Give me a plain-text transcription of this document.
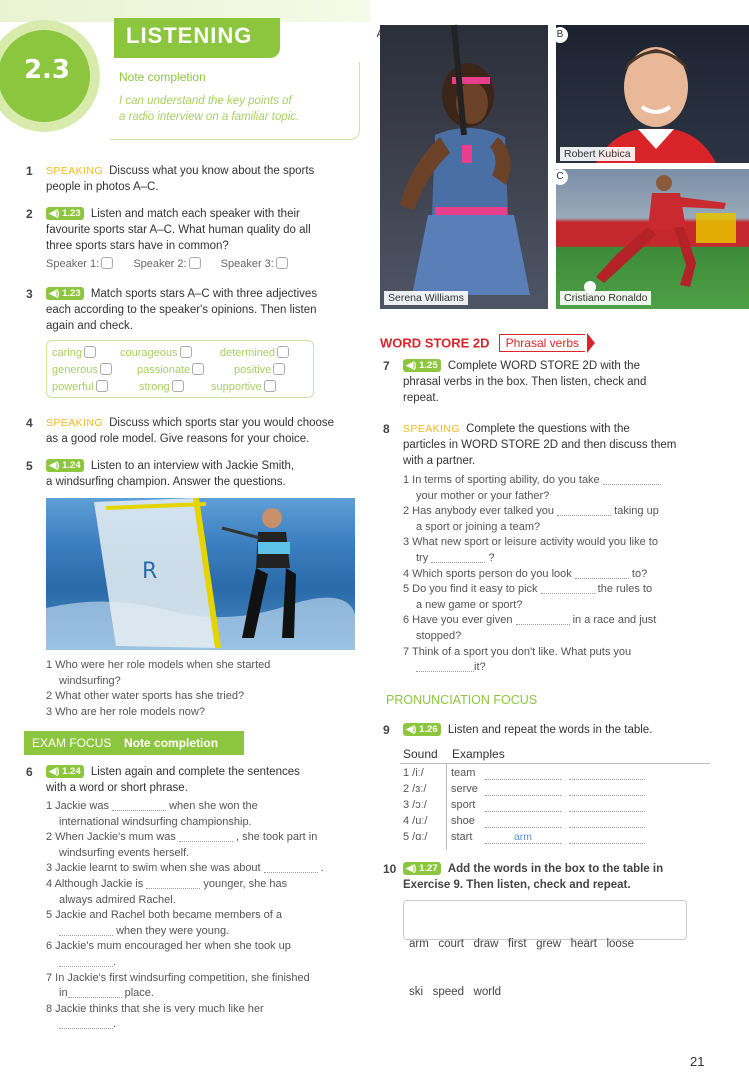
2.3
LISTENING
Note completion
I can understand the key points of
a radio interview on a familiar topic.
A
Serena Williams
B
Robert Kubica
C
Cristiano Ronaldo
1	SPEAKING Discuss what you know about the sports
people in photos A–C.
2	◀) 1.23 Listen and match each speaker with their
favourite sports star A–C. What human quality do all
three sports stars have in common?
Speaker 1:	Speaker 2:	Speaker 3:
3	◀) 1.23 Match sports stars A–C with three adjectives
each according to the speaker's opinions. Then listen
again and check.
caring	courageous	determined
generous	passionate	positive
powerful	strong	supportive
4	SPEAKING Discuss which sports star you would choose
as a good role model. Give reasons for your choice.
5	◀) 1.24 Listen to an interview with Jackie Smith,
a windsurfing champion. Answer the questions.
R
1 Who were her role models when she started
windsurfing?
2 What other water sports has she tried?
3 Who are her role models now?
EXAM FOCUS Note completion
6	◀) 1.24 Listen again and complete the sentences
with a word or short phrase.
1 Jackie was	when she won the
international windsurfing championship.
2 When Jackie's mum was	, she took part in
windsurfing events herself.
3 Jackie learnt to swim when she was about	.
4 Although Jackie is	younger, she has
always admired Rachel.
5 Jackie and Rachel both became members of a
when they were young.
6 Jackie's mum encouraged her when she took up
.
7 In Jackie's first windsurfing competition, she finished
in	place.
8 Jackie thinks that she is very much like her
.
WORD STORE 2D Phrasal verbs
7	◀) 1.25 Complete WORD STORE 2D with the
phrasal verbs in the box. Then listen, check and
repeat.
8	SPEAKING Complete the questions with the
particles in WORD STORE 2D and then discuss them
with a partner.
1 In terms of sporting ability, do you take
your mother or your father?
2 Has anybody ever talked you	taking up
a sport or joining a team?
3 What new sport or leisure activity would you like to
try	?
4 Which sports person do you look	to?
5 Do you find it easy to pick	the rules to
a new game or sport?
6 Have you ever given	in a race and just
stopped?
7 Think of a sport you don't like. What puts you
it?
PRONUNCIATION FOCUS
9	◀) 1.26 Listen and repeat the words in the table.
Sound Examples
1 /iː/ team
2 /ɜː/ serve
3 /ɔː/ sport
4 /uː/ shoe
5 /ɑː/ start	arm
10	◀) 1.27 Add the words in the box to the table in
Exercise 9. Then listen, check and repeat.

arm   court   draw   first   grew   heart   loose

ski   speed   world

21
